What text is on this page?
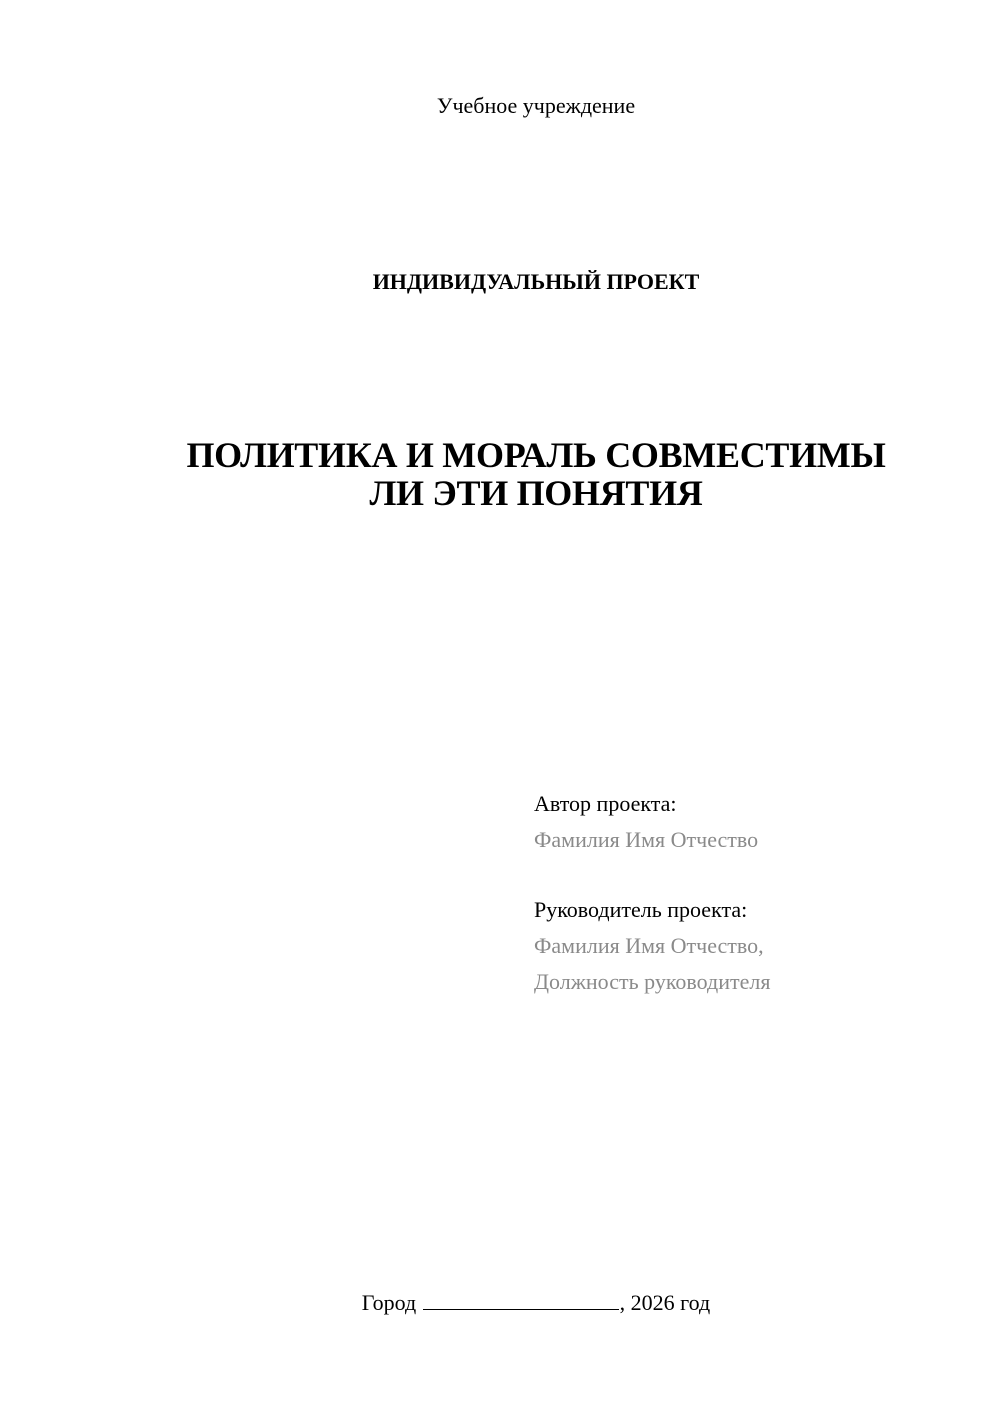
Учебное учреждение
ИНДИВИДУАЛЬНЫЙ ПРОЕКТ
ПОЛИТИКА И МОРАЛЬ СОВМЕСТИМЫ
ЛИ ЭТИ ПОНЯТИЯ
Автор проекта:
Фамилия Имя Отчество
Руководитель проекта:
Фамилия Имя Отчество,
Должность руководителя
Город	, 2026 год
